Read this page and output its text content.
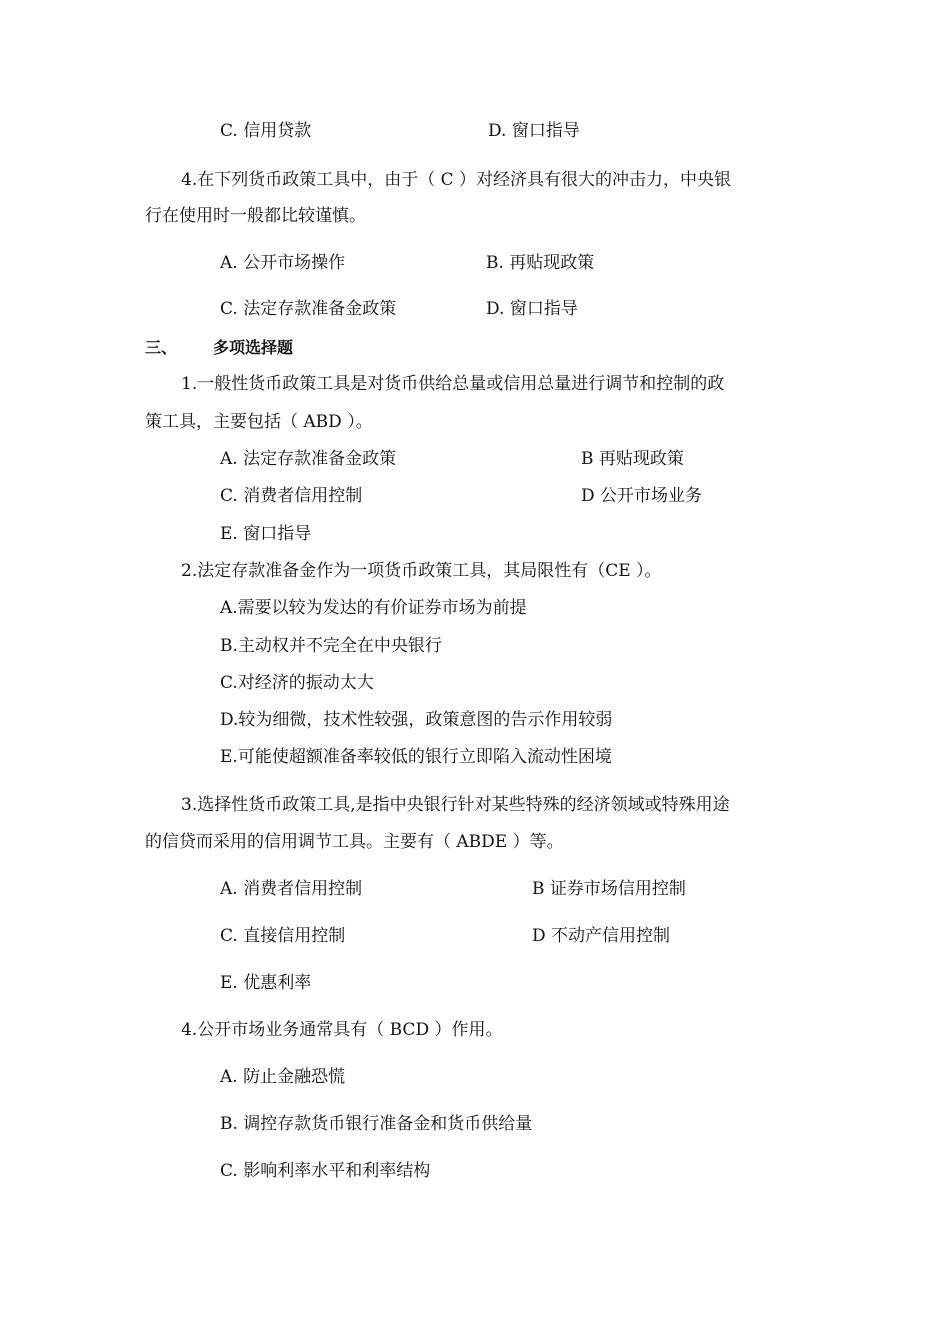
C. 信用贷款	D. 窗口指导
4.在下列货币政策工具中，由于（ C ）对经济具有很大的冲击力，中央银
行在使用时一般都比较谨慎。
A. 公开市场操作	B. 再贴现政策
C. 法定存款准备金政策	D. 窗口指导
三、 多项选择题
1.一般性货币政策工具是对货币供给总量或信用总量进行调节和控制的政
策工具，主要包括（ ABD ）。
A. 法定存款准备金政策	B 再贴现政策
C. 消费者信用控制	D 公开市场业务
E. 窗口指导
2.法定存款准备金作为一项货币政策工具，其局限性有（CE ）。
A.需要以较为发达的有价证券市场为前提
B.主动权并不完全在中央银行
C.对经济的振动太大
D.较为细微，技术性较强，政策意图的告示作用较弱
E.可能使超额准备率较低的银行立即陷入流动性困境
3.选择性货币政策工具,是指中央银行针对某些特殊的经济领域或特殊用途
的信贷而采用的信用调节工具。主要有（ ABDE ）等。
A. 消费者信用控制	B 证券市场信用控制
C. 直接信用控制	D 不动产信用控制
E. 优惠利率
4.公开市场业务通常具有（ BCD ）作用。
A. 防止金融恐慌
B. 调控存款货币银行准备金和货币供给量
C. 影响利率水平和利率结构
